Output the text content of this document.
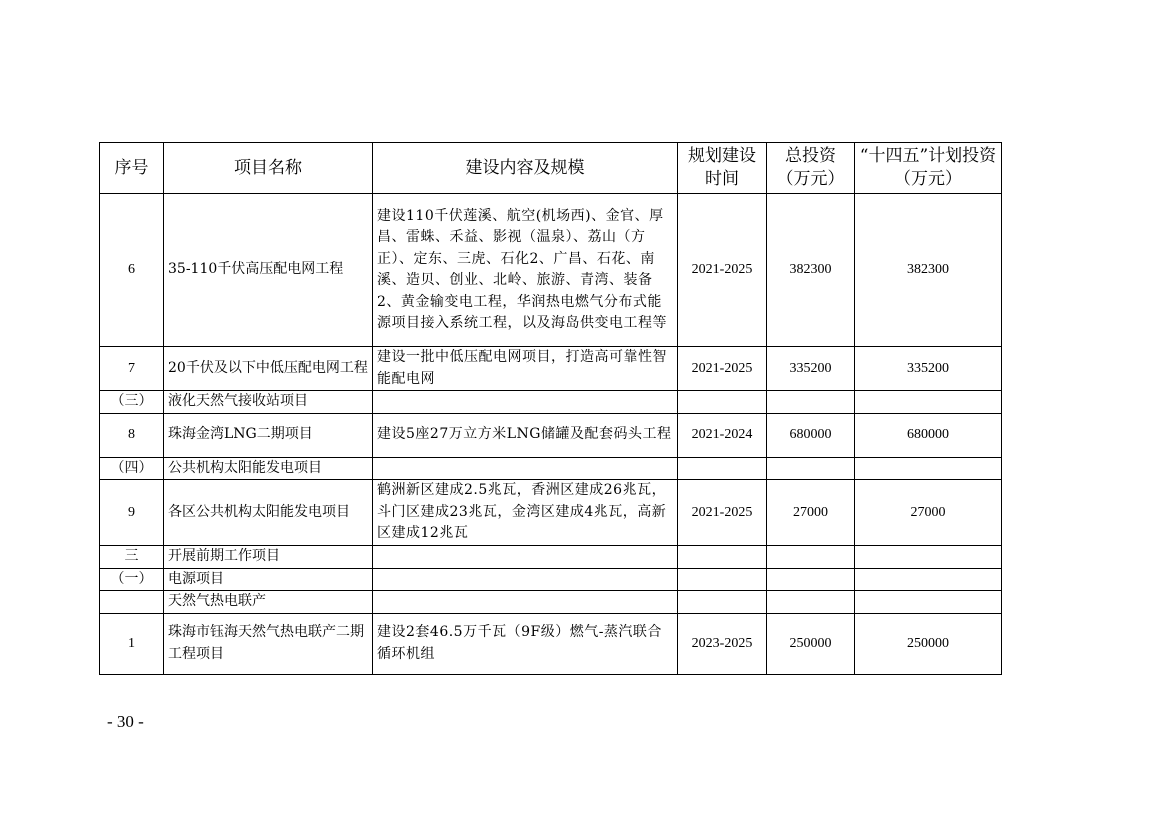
序号	项目名称	建设内容及规模	规划建设时间	总投资（万元）	“十四五”计划投资（万元）
6	35-110千伏高压配电网工程	建设110千伏莲溪、航空(机场西)、金官、厚昌、雷蛛、禾益、影视（温泉）、荔山（方正）、定东、三虎、石化2、广昌、石花、南溪、造贝、创业、北岭、旅游、青湾、装备2、黄金输变电工程，华润热电燃气分布式能源项目接入系统工程，以及海岛供变电工程等	2021-2025	382300	382300
7	20千伏及以下中低压配电网工程	建设一批中低压配电网项目，打造高可靠性智能配电网	2021-2025	335200	335200
（三）	液化天然气接收站项目				
8	珠海金湾LNG二期项目	建设5座27万立方米LNG储罐及配套码头工程	2021-2024	680000	680000
（四）	公共机构太阳能发电项目				
9	各区公共机构太阳能发电项目	鹤洲新区建成2.5兆瓦，香洲区建成26兆瓦，斗门区建成23兆瓦，金湾区建成4兆瓦，高新区建成12兆瓦	2021-2025	27000	27000
三	开展前期工作项目				
（一）	电源项目				
	天然气热电联产				
1	珠海市钰海天然气热电联产二期工程项目	建设2套46.5万千瓦（9F级）燃气-蒸汽联合循环机组	2023-2025	250000	250000
- 30 -
